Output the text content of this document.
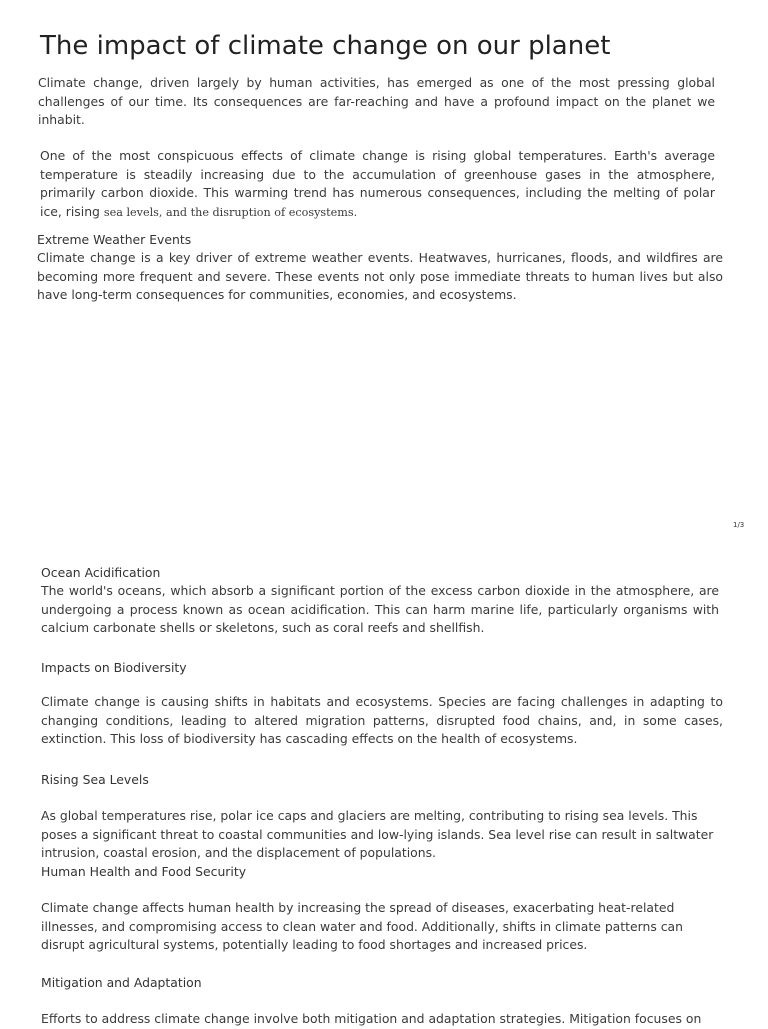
The impact of climate change on our planet

Climate change, driven largely by human activities, has emerged as one of the most pressing global challenges of our time. Its consequences are far-reaching and have a profound impact on the planet we inhabit.

One of the most conspicuous effects of climate change is rising global temperatures. Earth's average temperature is steadily increasing due to the accumulation of greenhouse gases in the atmosphere, primarily carbon dioxide. This warming trend has numerous consequences, including the melting of polar ice, rising sea levels, and the disruption of ecosystems.

Extreme Weather Events

Climate change is a key driver of extreme weather events. Heatwaves, hurricanes, floods, and wildfires are becoming more frequent and severe. These events not only pose immediate threats to human lives but also have long-term consequences for communities, economies, and ecosystems.

1/3
Ocean Acidification

The world's oceans, which absorb a significant portion of the excess carbon dioxide in the atmosphere, are undergoing a process known as ocean acidification. This can harm marine life, particularly organisms with calcium carbonate shells or skeletons, such as coral reefs and shellfish.

Impacts on Biodiversity

Climate change is causing shifts in habitats and ecosystems. Species are facing challenges in adapting to changing conditions, leading to altered migration patterns, disrupted food chains, and, in some cases, extinction. This loss of biodiversity has cascading effects on the health of ecosystems.

Rising Sea Levels

As global temperatures rise, polar ice caps and glaciers are melting, contributing to rising sea levels. This poses a significant threat to coastal communities and low-lying islands. Sea level rise can result in saltwater intrusion, coastal erosion, and the displacement of populations.

Human Health and Food Security

Climate change affects human health by increasing the spread of diseases, exacerbating heat-related illnesses, and compromising access to clean water and food. Additionally, shifts in climate patterns can disrupt agricultural systems, potentially leading to food shortages and increased prices.

Mitigation and Adaptation

Efforts to address climate change involve both mitigation and adaptation strategies. Mitigation focuses on
